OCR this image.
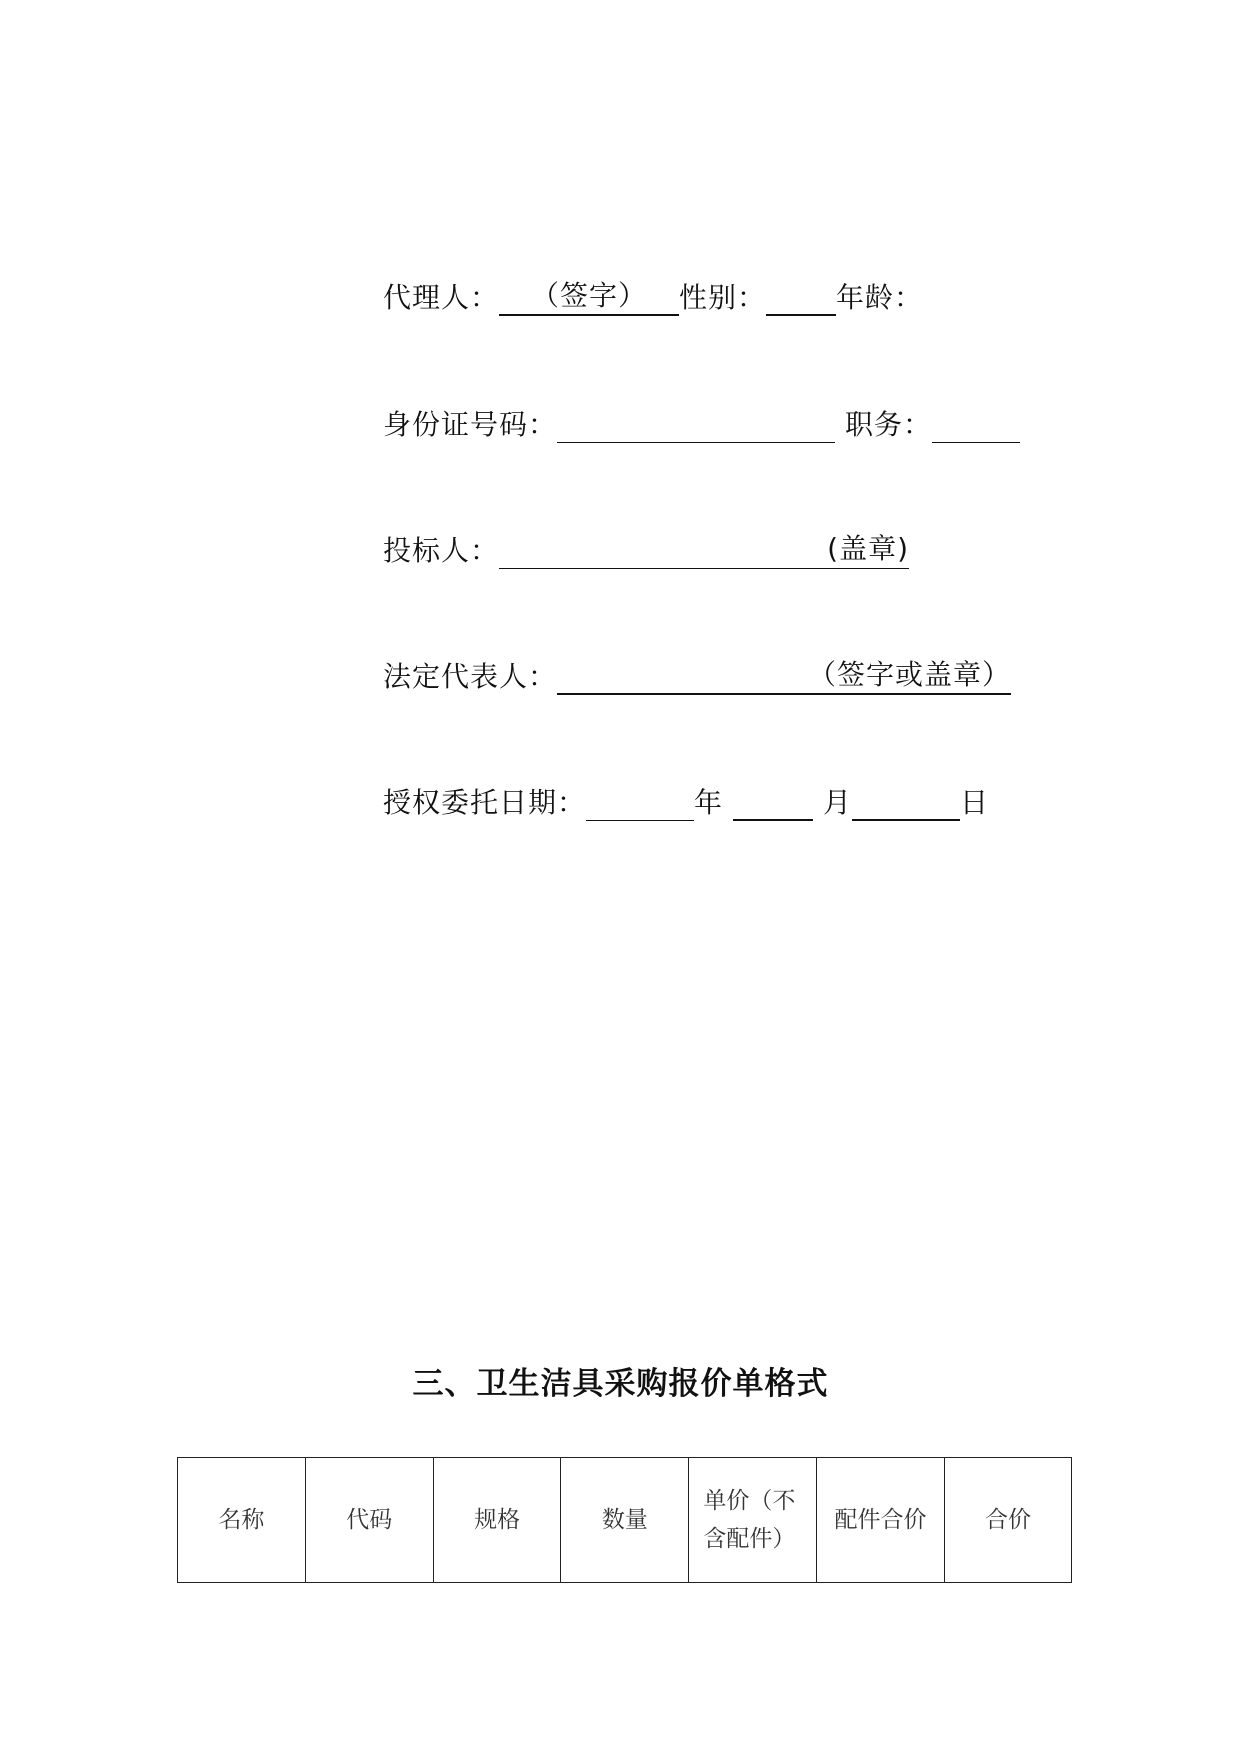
代理人： （签字） 性别：	年龄：
身份证号码：	职务：
投标人：	(盖章)
法定代表人：	（签字或盖章）
授权委托日期：	年	月	日
三、卫生洁具采购报价单格式
名称	代码	规格	数量	单价（不含配件）	配件合价	合价
